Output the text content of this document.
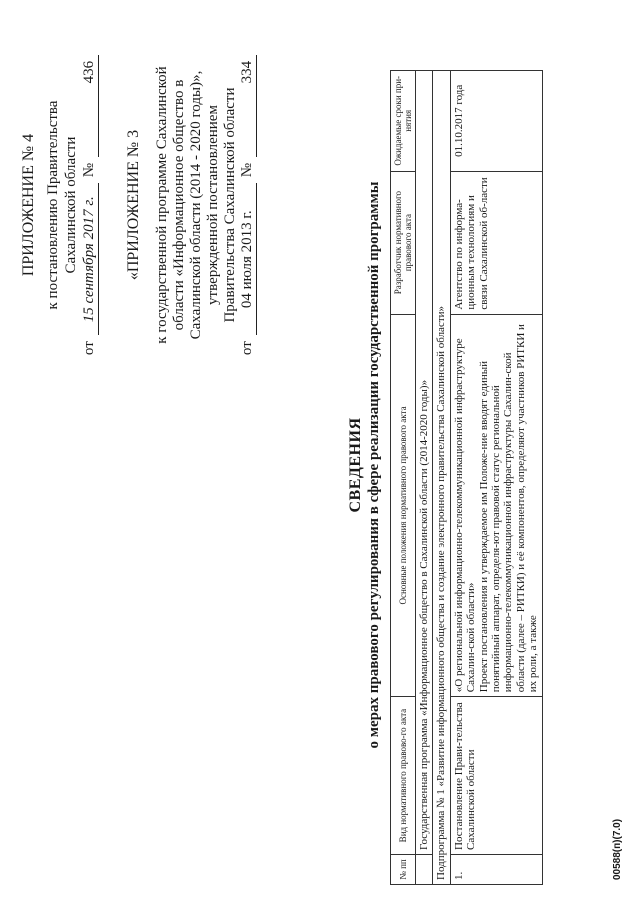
ПРИЛОЖЕНИЕ № 4 к постановлению Правительства Сахалинской области
от
15 сентября 2017 г.
№
436
«ПРИЛОЖЕНИЕ № 3 к государственной программе Сахалинской области «Информационное общество в Сахалинской области (2014 - 2020 годы)», утвержденной постановлением Правительства Сахалинской области
от
04 июля 2013 г.
№
334
СВЕДЕНИЯ о мерах правового регулирования в сфере реализации государственной программы
№ пп	Вид нормативного правово-го акта	Основные положения нормативного правового акта	Разработчик нормативного правового акта	Ожидаемые сроки при-нятия
	Государственная программа «Информационное общество в Сахалинской области (2014-2020 годы)»			
Подпрограмма № 1 «Развитие информационного общества и создание электронного правительства Сахалинской области»				
1.	Постановление Прави-тельства Сахалинской области	«О региональной информационно-телекоммуникационной инфраструктуре Сахалин-ской области» Проект постановления и утверждаемое им Положе-ние вводят единый понятийный аппарат, определя-ют правовой статус региональной информационно-телекоммуникационной инфраструктуры Сахалин-ской области (далее – РИТКИ) и её компонентов, определяют участников РИТКИ и их роли, а также	Агентство по информа-ционным технологиям и связи Сахалинской об-ласти	01.10.2017 года
00588(п)(7.0)
